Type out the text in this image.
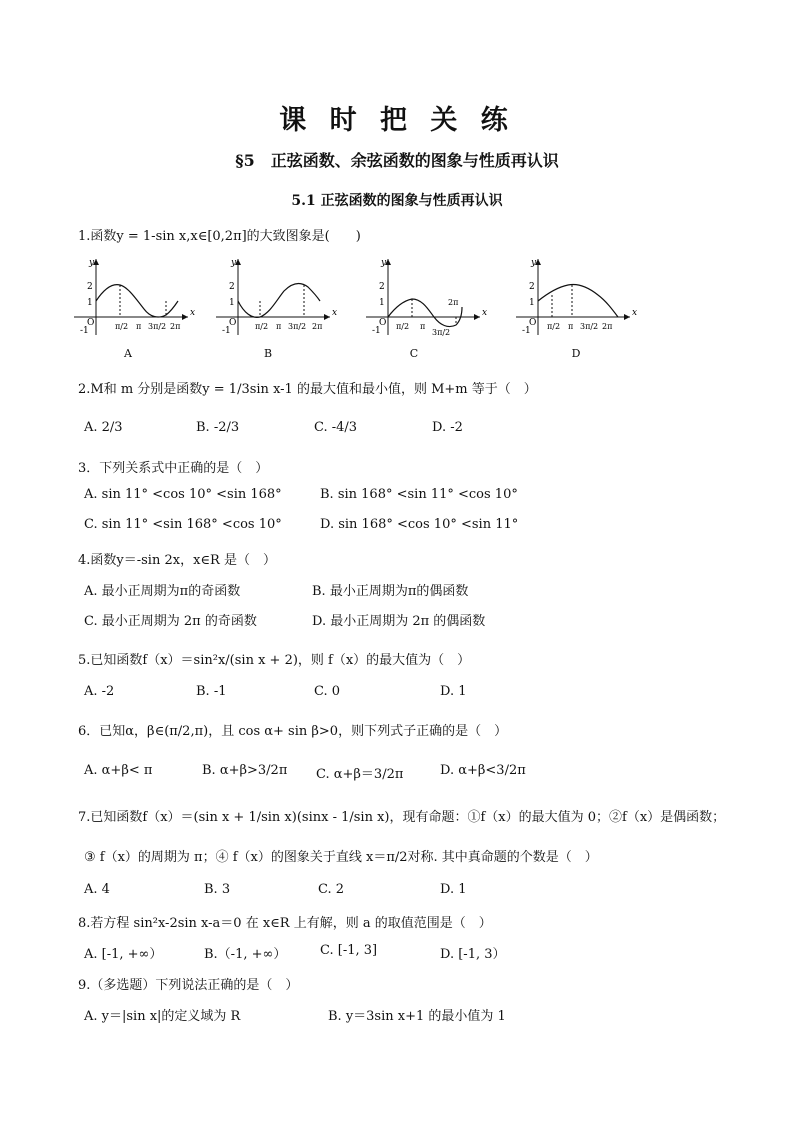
课 时 把 关 练
§5　正弦函数、余弦函数的图象与性质再认识
5.1 正弦函数的图象与性质再认识
1.函数y = 1-sin x,x∈[0,2π]的大致图象是(　　)
y
x
2
1
O
-1	π/2 π 3π/2 2π
A
y
x
2
1
O
-1	π/2 π 3π/2 2π
B
y
x
2
1
O
-1 π/2 π
3π/2
2π
C
y
x
2
1
O
-1 π/2 π 3π/2 2π
D
2.M和 m 分别是函数y = 1/3sin x-1 的最大值和最小值，则 M+m 等于（　）
A. 2/3	B. -2/3	C. -4/3	D. -2
3．下列关系式中正确的是（　）
A. sin 11° <cos 10° <sin 168°	B. sin 168° <sin 11° <cos 10°
C. sin 11° <sin 168° <cos 10°	D. sin 168° <cos 10° <sin 11°
4.函数y＝-sin 2x，x∈R 是（　）
A. 最小正周期为π的奇函数	B. 最小正周期为π的偶函数
C. 最小正周期为 2π 的奇函数	D. 最小正周期为 2π 的偶函数
5.已知函数f（x）＝sin²x/(sin x + 2)，则 f（x）的最大值为（　）
A. -2	B. -1	C. 0	D. 1
6．已知α，β∈(π/2,π)，且 cos α+ sin β>0，则下列式子正确的是（　）
A. α+β< π	B. α+β>3/2π C. α+β＝3/2π	D. α+β<3/2π
7.已知函数f（x）＝(sin x + 1/sin x)(sinx - 1/sin x)，现有命题：①f（x）的最大值为 0；②f（x）是偶函数；
③ f（x）的周期为 π；④ f（x）的图象关于直线 x＝π/2对称. 其中真命题的个数是（　）
A. 4	B. 3	C. 2	D. 1
8.若方程 sin²x-2sin x-a＝0 在 x∈R 上有解，则 a 的取值范围是（　）
A. [-1, +∞）	B.（-1, +∞）	C. [-1, 3]	D. [-1, 3）
9.（多选题）下列说法正确的是（　）
A. y＝|sin x|的定义域为 R	B. y＝3sin x+1 的最小值为 1
